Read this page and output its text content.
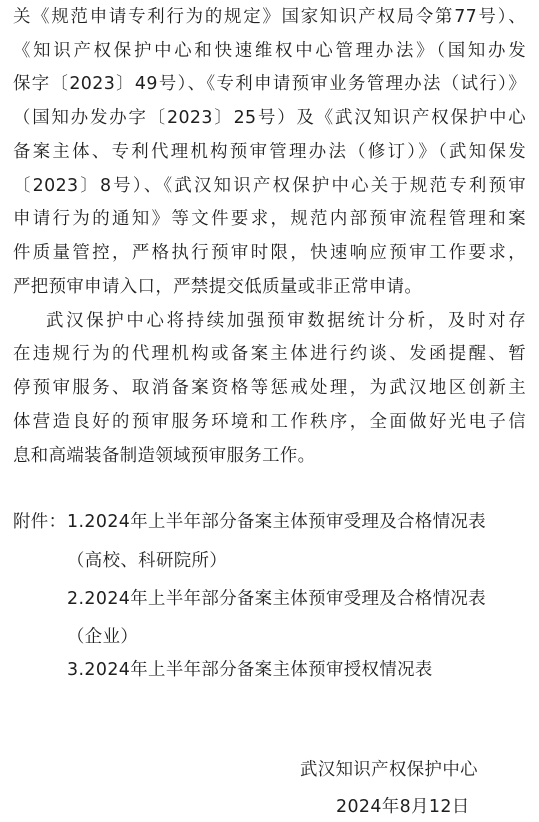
关《规范申请专利行为的规定》国家知识产权局令第77号）、
《知识产权保护中心和快速维权中心管理办法》（国知办发
保字〔2023〕49号）、《专利申请预审业务管理办法（试行）》
（国知办发办字〔2023〕25号）及《武汉知识产权保护中心
备案主体、专利代理机构预审管理办法（修订）》（武知保发
〔2023〕8号）、《武汉知识产权保护中心关于规范专利预审
申请行为的通知》等文件要求，规范内部预审流程管理和案
件质量管控，严格执行预审时限，快速响应预审工作要求，
严把预审申请入口，严禁提交低质量或非正常申请。
武汉保护中心将持续加强预审数据统计分析，及时对存
在违规行为的代理机构或备案主体进行约谈、发函提醒、暂
停预审服务、取消备案资格等惩戒处理，为武汉地区创新主
体营造良好的预审服务环境和工作秩序，全面做好光电子信
息和高端装备制造领域预审服务工作。
附件： 1.2024年上半年部分备案主体预审受理及合格情况表
（高校、科研院所）
2.2024年上半年部分备案主体预审受理及合格情况表
（企业）
3.2024年上半年部分备案主体预审授权情况表
武汉知识产权保护中心
2024年8月12日
